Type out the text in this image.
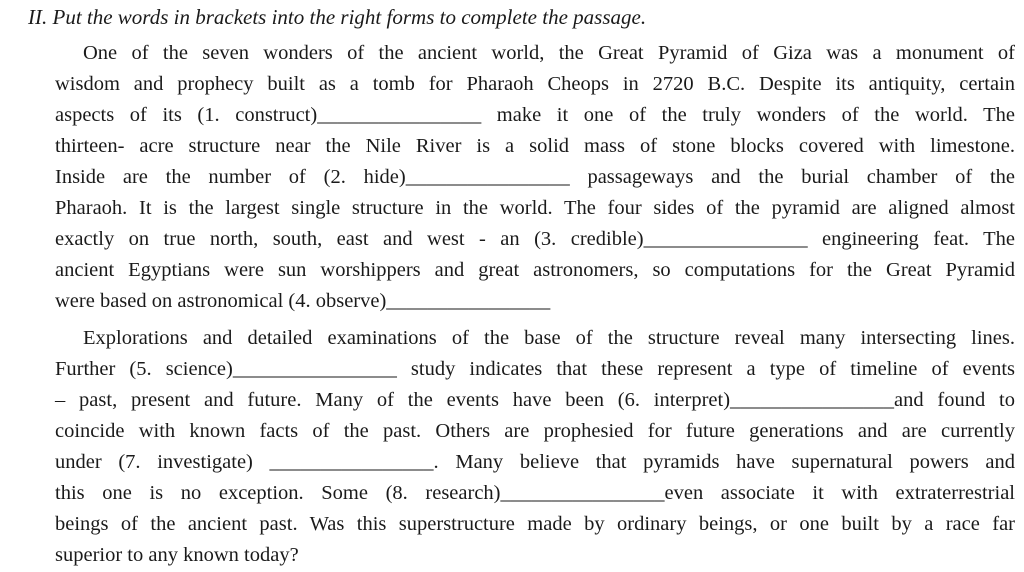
II. Put the words in brackets into the right forms to complete the passage.
One of the seven wonders of the ancient world, the Great Pyramid of Giza was a monument of
wisdom and prophecy built as a tomb for Pharaoh Cheops in 2720 B.C. Despite its antiquity, certain
aspects of its (1. construct)________________ make it one of the truly wonders of the world. The
thirteen- acre structure near the Nile River is a solid mass of stone blocks covered with limestone.
Inside are the number of (2. hide)________________ passageways and the burial chamber of the
Pharaoh. It is the largest single structure in the world. The four sides of the pyramid are aligned almost
exactly on true north, south, east and west - an (3. credible)________________ engineering feat. The
ancient Egyptians were sun worshippers and great astronomers, so computations for the Great Pyramid
were based on astronomical (4. observe)________________
Explorations and detailed examinations of the base of the structure reveal many intersecting lines.
Further (5. science)________________ study indicates that these represent a type of timeline of events
– past, present and future. Many of the events have been (6. interpret)________________and found to
coincide with known facts of the past. Others are prophesied for future generations and are currently
under (7. investigate) ________________. Many believe that pyramids have supernatural powers and
this one is no exception. Some (8. research)________________even associate it with extraterrestrial
beings of the ancient past. Was this superstructure made by ordinary beings, or one built by a race far
superior to any known today?
